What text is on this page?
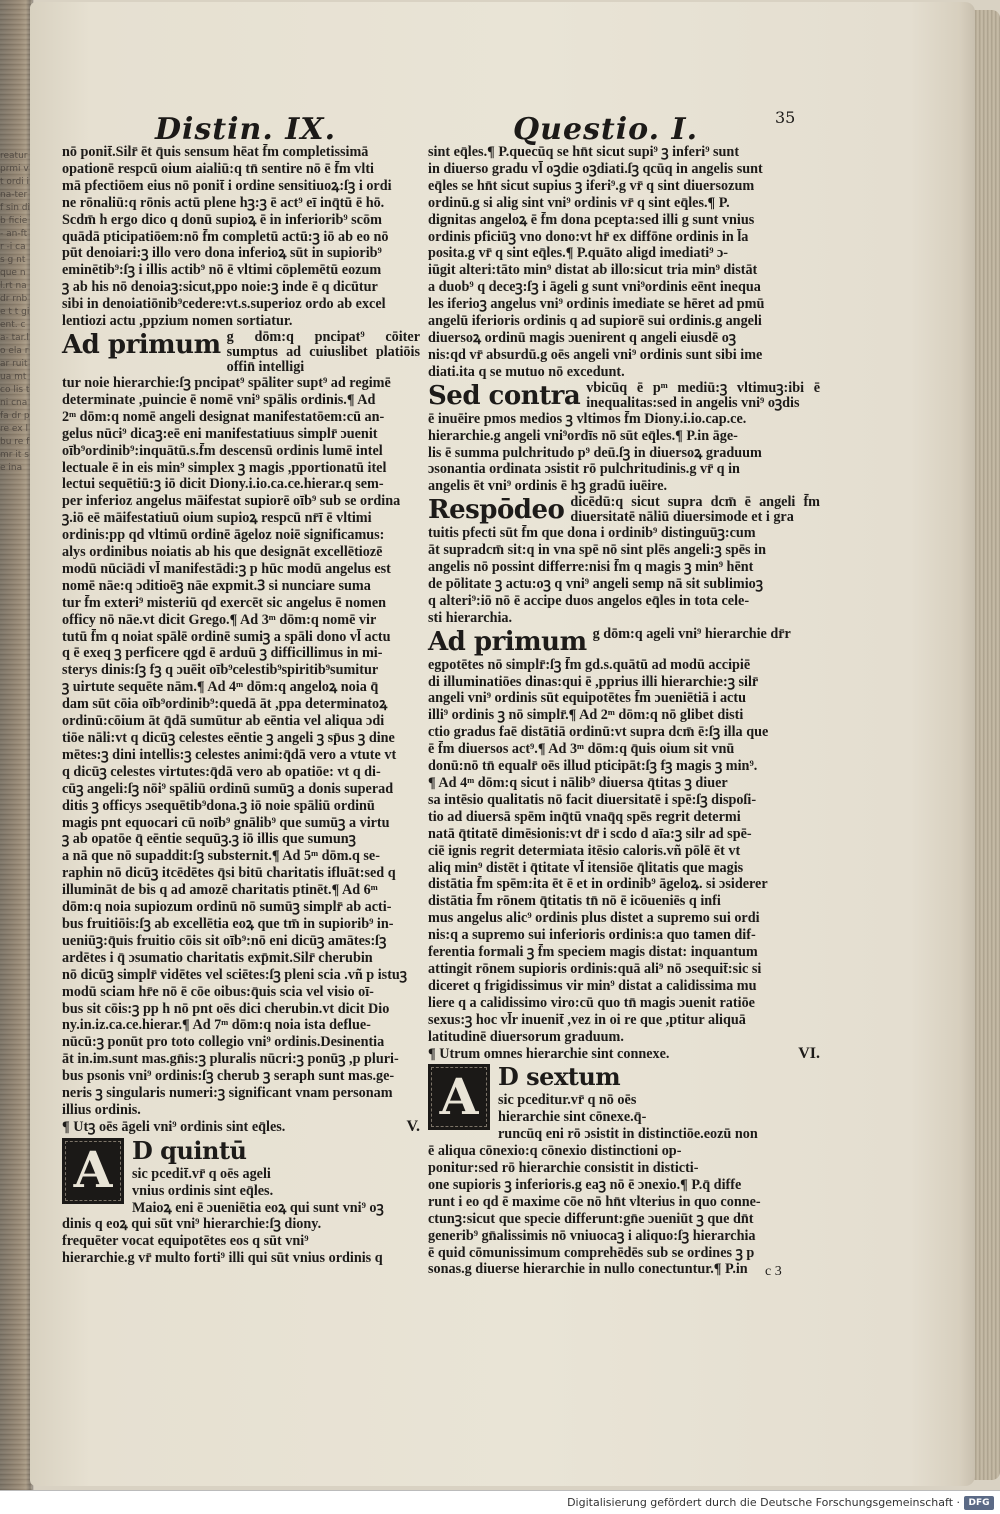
reatur prmi vt ordi ina-ter f sin dib ficie- an-ftr -i cas g nt que nl.rt na dr rnbe t t gi ent. ca- tar.lo ela rar ruit ua mt co lis t ni cna fa dr pre ex l bu re f mr it se ina
Distin. IX.	Questio. I.	35
nō ponit̄.Silr̄ ēt q̄uis sensum hēat f̄m completissimā
opationē respcū oium aialiū:q tn̄ sentire nō ē f̄m vlti
mā pfectiōem eius nō ponit̄ i ordine sensitiuoꝝ:ſꝫ i ordi
ne rōnaliū:q rōnis actū plene hꝫ:ꝫ ē act⁹ eī inq̄tū ē hō.
Scdm̄ h ergo dico q donū supioꝝ ē in inferiorib⁹ scōm
quādā pticipatiōem:nō f̄m completū actū:ꝫ iō ab eo nō
pūt denoiari:ꝫ illo vero dona inferioꝝ sūt in supiorib⁹
eminētib⁹:ſꝫ i illis actib⁹ nō ē vltimi cōplemētū eozum
ꝫ ab his nō denoiaꝫ:sicut,ppo noie:ꝫ inde ē q dicūtur
sibi in denoiatiōnib⁹cedere:vt.s.superioz ordo ab excel
lentiozi actu ,ppzium nomen sortiatur.
Ad primum g dōm:q pncipat⁹ cōiter sumptus ad cuiuslibet platiōis offin̄ intelligi
tur noie hierarchie:ſꝫ pncipat⁹ spāliter supt⁹ ad regimē
determinate ,puincie ē nomē vni⁹ spālis ordinis.¶ Ad
2ᵐ dōm:q nomē angeli designat manifestatōem:cū an-
gelus nūci⁹ dicaꝫ:eē eni manifestatiuus simplr̄ ɔuenit
oīb⁹ordinib⁹:inquātū.s.f̄m descensū ordinis lumē intel
lectuale ē in eis min⁹ simplex ꝫ magis ,pportionatū itel
lectui sequētiū:ꝫ iō dicit Diony.i.io.ca.ce.hierar.q sem-
per inferioz angelus māifestat supiorē oīb⁹ sub se ordina
ꝫ.iō eē māifestatiuū oium supioꝝ respcū nr̄ī ē vltimi
ordinis:pp qd vltimū ordinē āgeloz noiē significamus:
alys ordinibus noiatis ab his que designāt excellētiozē
modū nūciādi vl̄ manifestādi:ꝫ p hūc modū angelus est
nomē nāe:q ɔditioēꝫ nāe expmit.Ꝫ si nunciare suma
tur f̄m exteri⁹ misteriū qd exercēt sic angelus ē nomen
officy nō nāe.vt dicit Grego.¶ Ad 3ᵐ dōm:q nomē vir
tutū f̄m q noiat spālē ordinē sumiꝫ a spāli dono vl̄ actu
q ē exeq ꝫ perficere qgd ē arduū ꝫ difficillimus in mi-
sterys dinis:ſꝫ fꝫ q ɔuēit oīb⁹celestib⁹spiritib⁹sumitur
ꝫ uirtute sequēte nām.¶ Ad 4ᵐ dōm:q angeloꝝ noia q̄
dam sūt cōia oīb⁹ordinib⁹:quedā āt ,ppa determinatoꝝ
ordinū:cōium āt q̄dā sumūtur ab eēntia vel aliqua ɔdi
tiōe nāli:vt q dicūꝫ celestes eēntie ꝫ angeli ꝫ sp̄us ꝫ dine
mētes:ꝫ dini intellis:ꝫ celestes animi:q̄dā vero a vtute vt
q dicūꝫ celestes virtutes:q̄dā vero ab opatiōe: vt q di-
cūꝫ angeli:ſꝫ nōi⁹ spāliū ordinū sumūꝫ a donis superad
ditis ꝫ officys ɔsequētib⁹dona.ꝫ iō noie spāliū ordinū
magis pnt equocari cū noīb⁹ gnālib⁹ que sumūꝫ a virtu
ꝫ ab opatōe q̄ eēntie sequūꝫ.ꝫ iō illis que sumunꝫ
a nā que nō supaddit:ſꝫ substernit.¶ Ad 5ᵐ dōm.q se-
raphin nō dicūꝫ itcēdētes q̄si bitū charitatis ifluāt:sed q
illumināt de bis q ad amozē charitatis ptinēt.¶ Ad 6ᵐ
dōm:q noia supiozum ordinū nō sumūꝫ simplr̄ ab acti-
bus fruitiōis:ſꝫ ab excellētia eoꝝ que tm̄ in supiorib⁹ in-
ueniūꝫ:q̄uis fruitio cōis sit oīb⁹:nō eni dicūꝫ amātes:ſꝫ
ardētes i q̄ ɔsumatio charitatis exp̄mit.Silr̄ cherubin
nō dicūꝫ simplr̄ vidētes vel sciētes:ſꝫ pleni scia .vñ p istuꝫ
modū sciam hr̄e nō ē cōe oibus:q̄uis scia vel visio oī-
bus sit cōis:ꝫ pp h nō pnt oēs dici cherubin.vt dicit Dio
ny.in.iz.ca.ce.hierar.¶ Ad 7ᵐ dōm:q noia ista deflue-
nūcū:ꝫ ponūt pro toto collegio vni⁹ ordinis.Desinentia
āt in.im.sunt mas.gn̄is:ꝫ pluralis nūcri:ꝫ ponūꝫ ,p pluri-
bus psonis vni⁹ ordinis:ſꝫ cherub ꝫ seraph sunt mas.ge-
neris ꝫ singularis numeri:ꝫ significant vnam personam
illius ordinis.
¶ Utꝫ oēs āgeli vni⁹ ordinis sint eq̄les.	V.
A D quintū
sic pcedit̄.vr̄ q oēs ageli
vnius ordinis sint eq̄les.
Maioꝝ eni ē ɔueniētia eoꝝ qui sunt vni⁹ oꝫ
dinis q eoꝝ qui sūt vni⁹ hierarchie:ſꝫ diony.
frequēter vocat equipotētes eos q sūt vni⁹
hierarchie.g vr̄ multo forti⁹ illi qui sūt vnius ordinis q
sint eq̄les.¶ P.quecūq se hn̄t sicut supi⁹ ꝫ inferi⁹ sunt
in diuerso gradu vl̄ oꝫdie oꝫdiati.ſꝫ qcūq in angelis sunt
eq̄les se hn̄t sicut supius ꝫ iferi⁹.g vr̄ q sint diuersozum
ordinū.g si alig sint vni⁹ ordinis vr̄ q sint eq̄les.¶ P.
dignitas angeloꝝ ē f̄m dona pcepta:sed illi g sunt vnius
ordinis pficiūꝫ vno dono:vt hr̄ ex diffōne ordinis in l̄a
posita.g vr̄ q sint eq̄les.¶ P.quāto aligd imediati⁹ ɔ-
iūgit alteri:tāto min⁹ distat ab illo:sicut tria min⁹ distāt
a duob⁹ q deceꝫ:ſꝫ i āgeli g sunt vni⁹ordinis eēnt inequa
les iferioꝫ angelus vni⁹ ordinis imediate se hēret ad pmū
angelū iferioris ordinis q ad supiorē sui ordinis.g angeli
diuersoꝝ ordinū magis ɔuenirent q angeli eiusdē oꝫ
nis:qd vr̄ absurdū.g oēs angeli vni⁹ ordinis sunt sibi ime
diati.ita q se mutuo nō excedunt.
Sed contra vbicūq ē pᵐ mediū:ꝫ vltimuꝫ:ibi ē inequalitas:sed in angelis vni⁹ oꝫdis
ē inuēire pmos medios ꝫ vltimos f̄m Diony.i.io.cap.ce.
hierarchie.g angeli vni⁹ordīs nō sūt eq̄les.¶ P.in āge-
lis ē summa pulchritudo p⁹ deū.ſꝫ in diuersoꝝ graduum
ɔsonantia ordinata ɔsistit rō pulchritudinis.g vr̄ q in
angelis ēt vni⁹ ordinis ē hꝫ gradū iuēire.
Respōdeo dicēdū:q sicut supra dcm̄ ē angeli f̄m diuersitatē nāliū diuersimode et i gra
tuitis pfecti sūt f̄m que dona i ordinib⁹ distinguūꝫ:cum
āt supradcm̄ sit:q in vna spē nō sint plēs angeli:ꝫ spēs in
angelis nō possint differre:nisi f̄m q magis ꝫ min⁹ hēnt
de pōlitate ꝫ actu:oꝫ q vni⁹ angeli semp nā sit sublimioꝫ
q alteri⁹:iō nō ē accipe duos angelos eq̄les in tota cele-
sti hierarchia.
Ad primum g dōm:q ageli vni⁹ hierarchie dr̄r
egpotētes nō simplr̄:ſꝫ f̄m gd.s.quātū ad modū accipiē
di illuminatiōes dinas:qui ē ,pprius illi hierarchie:ꝫ silr̄
angeli vni⁹ ordinis sūt equipotētes f̄m ɔueniētiā i actu
illi⁹ ordinis ꝫ nō simplr̄.¶ Ad 2ᵐ dōm:q nō glibet disti
ctio gradus faē distātiā ordinū:vt supra dcm̄ ē:ſꝫ illa que
ē f̄m diuersos act⁹.¶ Ad 3ᵐ dōm:q q̄uis oium sit vnū
donū:nō tn̄ equalr̄ oēs illud pticipāt:ſꝫ fꝫ magis ꝫ min⁹.
¶ Ad 4ᵐ dōm:q sicut i nālib⁹ diuersa q̄titas ꝫ diuer
sa intēsio qualitatis nō facit diuersitatē i spē:ſꝫ dispoſi-
tio ad diuersā spēm inq̄tū vnaq̄q spēs regrit determi
natā q̄titatē dimēsionis:vt dr̄ i scdo d aīa:ꝫ silr ad spē-
ciē ignis regrit determiata itēsio caloris.vñ pōlē ēt vt
aliq min⁹ distēt i q̄titate vl̄ itensiōe q̄litatis que magis
distātia f̄m spēm:ita ēt ē et in ordinib⁹ āgeloꝝ. si ɔsiderer
distātia f̄m rōnem q̄titatis tn̄ nō ē icōueniēs q infi
mus angelus alic⁹ ordinis plus distet a supremo sui ordi
nis:q a supremo sui inferioris ordinis:a quo tamen dif-
ferentia formali ꝫ f̄m speciem magis distat: inquantum
attingit rōnem supioris ordinis:quā ali⁹ nō ɔsequit̄:sic si
diceret q frigidissimus vir min⁹ distat a calidissima mu
liere q a calidissimo viro:cū quo tn̄ magis ɔuenit ratiōe
sexus:ꝫ hoc vl̄r inuenit̄ ,vez in oi re que ,ptitur aliquā
latitudinē diuersorum graduum.
¶ Utrum omnes hierarchie sint connexe.	VI.
A D sextum
sic pceditur.vr̄ q nō oēs
hierarchie sint cōnexe.q̄-
runcūq eni rō ɔsistit in distinctiōe.eozū non
ē aliqua cōnexio:q cōnexio distinctioni op-
ponitur:sed rō hierarchie consistit in disticti-
one supioris ꝫ inferioris.g eaꝫ nō ē ɔnexio.¶ P.q̄ diffe
runt i eo qd ē maxime cōe nō hn̄t vlterius in quo conne-
ctunꝫ:sicut que specie differunt:gn̄e ɔueniūt ꝫ que dn̄t
generib⁹ gn̄alissimis nō vniuocaꝫ i aliquo:ſꝫ hierarchia
ē quid cōmunissimum comprehēdēs sub se ordines ꝫ p
sonas.g diuerse hierarchie in nullo conectuntur.¶ P.in	c 3
Digitalisierung gefördert durch die Deutsche Forschungsgemeinschaft · DFG
